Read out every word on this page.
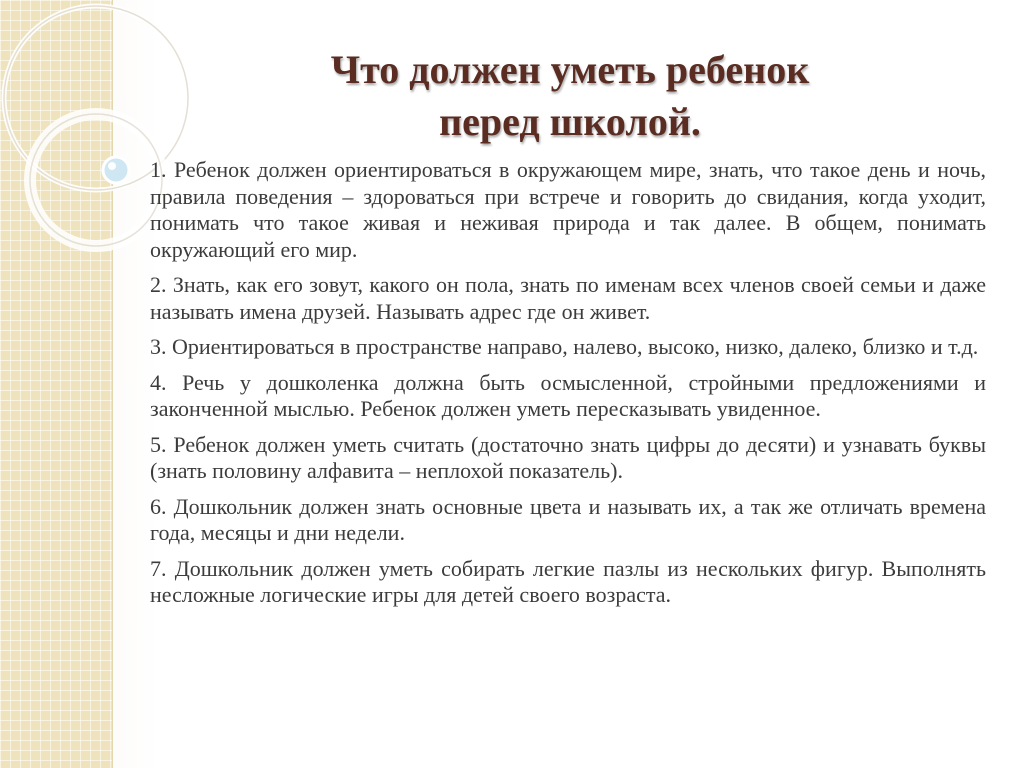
Что должен уметь ребенок
перед школой.

1. Ребенок должен ориентироваться в окружающем мире, знать, что такое день и ночь, правила поведения – здороваться при встрече и говорить до свидания, когда уходит, понимать что такое живая и неживая природа и так далее. В общем, понимать окружающий его мир.

2. Знать, как его зовут, какого он пола, знать по именам всех членов своей семьи и даже называть имена друзей. Называть адрес где он живет.

3. Ориентироваться в пространстве направо, налево, высоко, низко, далеко, близко и т.д.

4. Речь у дошколенка должна быть осмысленной, стройными предложениями и законченной мыслью. Ребенок должен уметь пересказывать увиденное.

5. Ребенок должен уметь считать (достаточно знать цифры до десяти) и узнавать буквы (знать половину алфавита – неплохой показатель).

6. Дошкольник должен знать основные цвета и называть их, а так же отличать времена года, месяцы и дни недели.

7. Дошкольник должен уметь собирать легкие пазлы из нескольких фигур. Выполнять несложные логические игры для детей своего возраста.
